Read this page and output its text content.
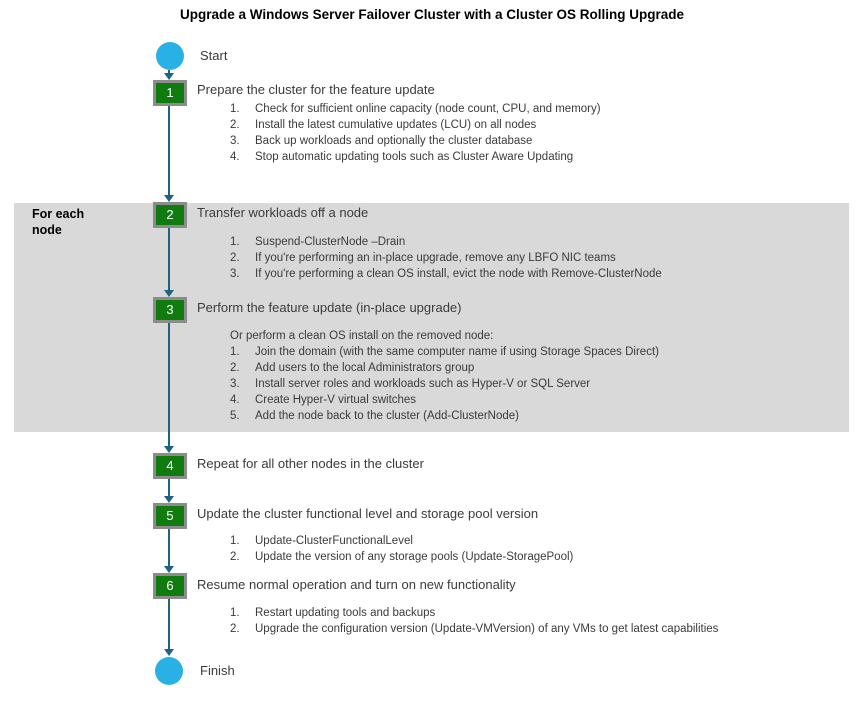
For each node
Upgrade a Windows Server Failover Cluster with a Cluster OS Rolling Upgrade
Start
1	Prepare the cluster for the feature update
Check for sufficient online capacity (node count, CPU, and memory)
Install the latest cumulative updates (LCU) on all nodes
Back up workloads and optionally the cluster database
Stop automatic updating tools such as Cluster Aware Updating
2	Transfer workloads off a node
Suspend-ClusterNode –Drain
If you're performing an in-place upgrade, remove any LBFO NIC teams
If you're performing a clean OS install, evict the node with Remove-ClusterNode
3	Perform the feature update (in-place upgrade)
Or perform a clean OS install on the removed node:
Join the domain (with the same computer name if using Storage Spaces Direct)
Add users to the local Administrators group
Install server roles and workloads such as Hyper-V or SQL Server
Create Hyper-V virtual switches
Add the node back to the cluster (Add-ClusterNode)
4	Repeat for all other nodes in the cluster
5	Update the cluster functional level and storage pool version
Update-ClusterFunctionalLevel
Update the version of any storage pools (Update-StoragePool)
6	Resume normal operation and turn on new functionality
Restart updating tools and backups
Upgrade the configuration version (Update-VMVersion) of any VMs to get latest capabilities
Finish
